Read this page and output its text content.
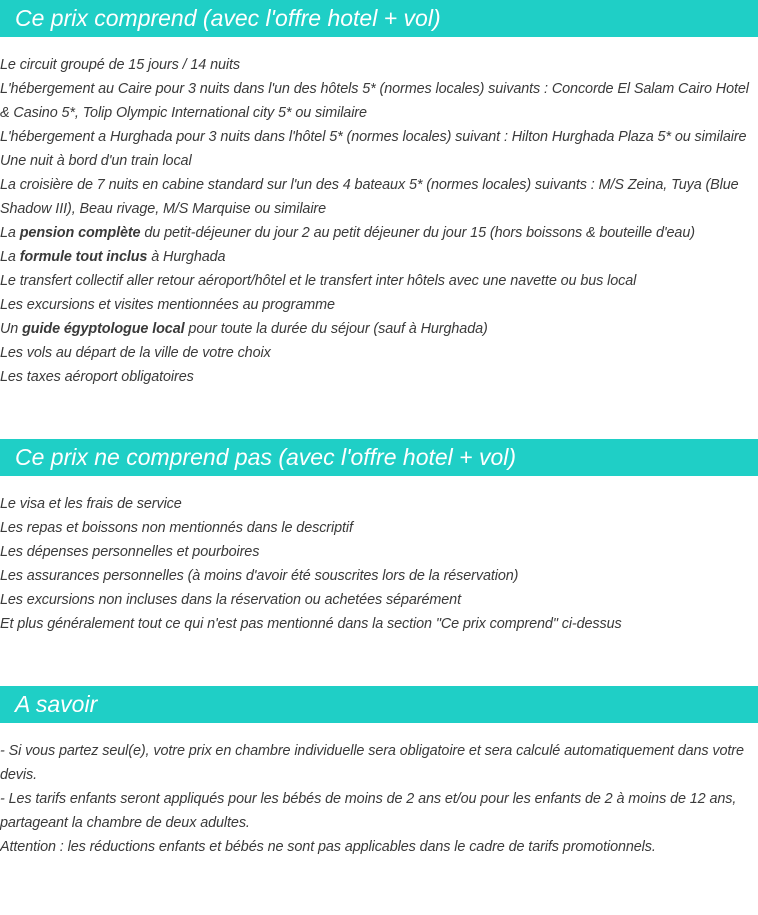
Ce prix comprend (avec l'offre hotel + vol)
Le circuit groupé de 15 jours / 14 nuits
L'hébergement au Caire pour 3 nuits dans l'un des hôtels 5* (normes locales) suivants : Concorde El Salam Cairo Hotel & Casino 5*, Tolip Olympic International city 5* ou similaire
L'hébergement a Hurghada pour 3 nuits dans l'hôtel 5* (normes locales) suivant : Hilton Hurghada Plaza 5* ou similaire
Une nuit à bord d'un train local
La croisière de 7 nuits en cabine standard sur l'un des 4 bateaux 5* (normes locales) suivants : M/S Zeina, Tuya (Blue Shadow III), Beau rivage, M/S Marquise ou similaire
La pension complète du petit-déjeuner du jour 2 au petit déjeuner du jour 15 (hors boissons & bouteille d'eau)
La formule tout inclus à Hurghada
Le transfert collectif aller retour aéroport/hôtel et le transfert inter hôtels avec une navette ou bus local
Les excursions et visites mentionnées au programme
Un guide égyptologue local pour toute la durée du séjour (sauf à Hurghada)
Les vols au départ de la ville de votre choix
Les taxes aéroport obligatoires
Ce prix ne comprend pas (avec l'offre hotel + vol)
Le visa et les frais de service
Les repas et boissons non mentionnés dans le descriptif
Les dépenses personnelles et pourboires
Les assurances personnelles (à moins d'avoir été souscrites lors de la réservation)
Les excursions non incluses dans la réservation ou achetées séparément
Et plus généralement tout ce qui n'est pas mentionné dans la section "Ce prix comprend" ci-dessus
A savoir
- Si vous partez seul(e), votre prix en chambre individuelle sera obligatoire et sera calculé automatiquement dans votre devis.
- Les tarifs enfants seront appliqués pour les bébés de moins de 2 ans et/ou pour les enfants de 2 à moins de 12 ans, partageant la chambre de deux adultes.
Attention : les réductions enfants et bébés ne sont pas applicables dans le cadre de tarifs promotionnels.
